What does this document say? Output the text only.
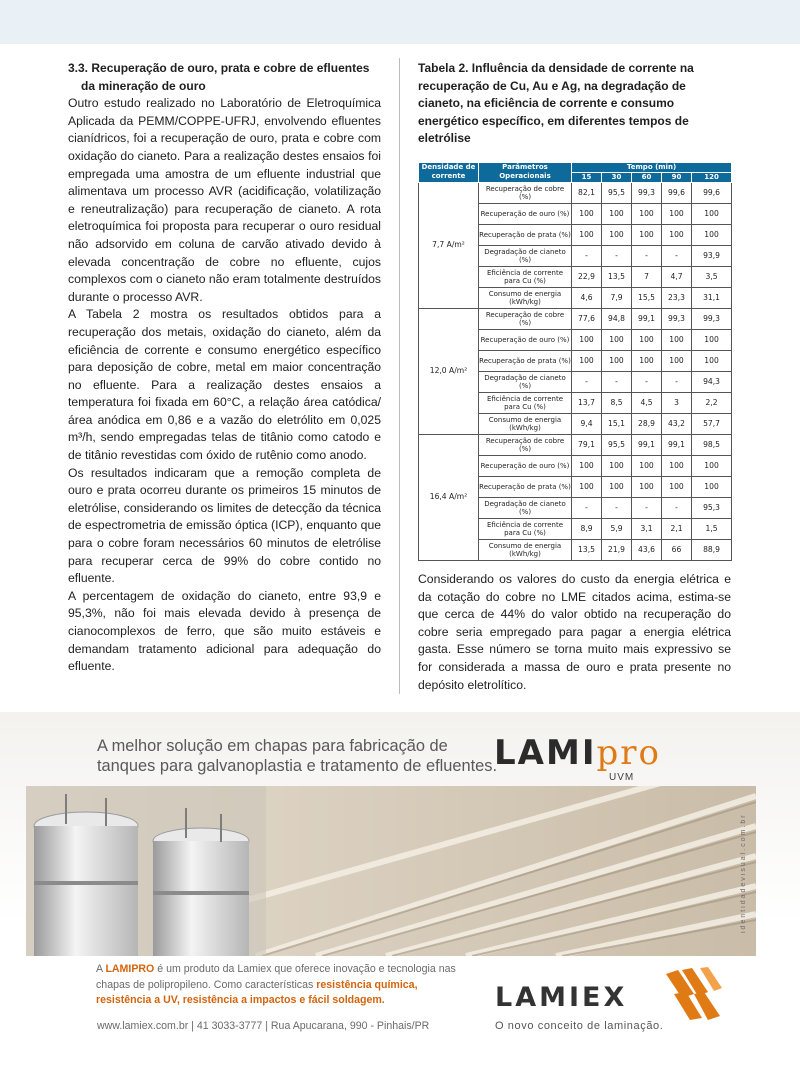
3.3. Recuperação de ouro, prata e cobre de efluentes
da mineração de ouro

Outro estudo realizado no Laboratório de Eletroquímica Aplicada da PEMM/COPPE-UFRJ, envolvendo efluentes cianídricos, foi a recuperação de ouro, prata e cobre com oxidação do cianeto. Para a realização destes ensaios foi empregada uma amostra de um efluente industrial que alimentava um processo AVR (acidificação, volatilização e reneutralização) para recuperação de cianeto. A rota eletroquímica foi proposta para recuperar o ouro residual não adsorvido em coluna de carvão ativado devido à elevada concentração de cobre no efluente, cujos complexos com o cianeto não eram totalmente destruídos durante o processo AVR.

A Tabela 2 mostra os resultados obtidos para a recuperação dos metais, oxidação do cianeto, além da eficiência de corrente e consumo energético específico para deposição de cobre, metal em maior concentração no efluente. Para a realização destes ensaios a temperatura foi fixada em 60°C, a relação área catódica/área anódica em 0,86 e a vazão do eletrólito em 0,025 m³/h, sendo empregadas telas de titânio como catodo e de titânio revestidas com óxido de rutênio como anodo.

Os resultados indicaram que a remoção completa de ouro e prata ocorreu durante os primeiros 15 minutos de eletrólise, considerando os limites de detecção da técnica de espectrometria de emissão óptica (ICP), enquanto que para o cobre foram necessários 60 minutos de eletrólise para recuperar cerca de 99% do cobre contido no efluente.

A percentagem de oxidação do cianeto, entre 93,9 e 95,3%, não foi mais elevada devido à presença de cianocomplexos de ferro, que são muito estáveis e demandam tratamento adicional para adequação do efluente.

Tabela 2. Influência da densidade de corrente na recuperação de Cu, Au e Ag, na degradação de cianeto, na eficiência de corrente e consumo energético específico, em diferentes tempos de eletrólise

Densidade de corrente	Parâmetros Operacionais	Tempo (min)				
		15	30	60	90	120
7,7 A/m²	Recuperação de cobre (%)	82,1	95,5	99,3	99,6	99,6
	Recuperação de ouro (%)	100	100	100	100	100
	Recuperação de prata (%)	100	100	100	100	100
	Degradação de cianeto (%)	-	-	-	-	93,9
	Eficiência de corrente para Cu (%)	22,9	13,5	7	4,7	3,5
	Consumo de energia (kWh/kg)	4,6	7,9	15,5	23,3	31,1
12,0 A/m²	Recuperação de cobre (%)	77,6	94,8	99,1	99,3	99,3
	Recuperação de ouro (%)	100	100	100	100	100
	Recuperação de prata (%)	100	100	100	100	100
	Degradação de cianeto (%)	-	-	-	-	94,3
	Eficiência de corrente para Cu (%)	13,7	8,5	4,5	3	2,2
	Consumo de energia (kWh/kg)	9,4	15,1	28,9	43,2	57,7
16,4 A/m²	Recuperação de cobre (%)	79,1	95,5	99,1	99,1	98,5
	Recuperação de ouro (%)	100	100	100	100	100
	Recuperação de prata (%)	100	100	100	100	100
	Degradação de cianeto (%)	-	-	-	-	95,3
	Eficiência de corrente para Cu (%)	8,9	5,9	3,1	2,1	1,5
	Consumo de energia (kWh/kg)	13,5	21,9	43,6	66	88,9

Considerando os valores do custo da energia elétrica e da cotação do cobre no LME citados acima, estima-se que cerca de 44% do valor obtido na recuperação do cobre seria empregado para pagar a energia elétrica gasta. Esse número se torna muito mais expressivo se for considerada a massa de ouro e prata presente no depósito eletrolítico.

A melhor solução em chapas para fabricação de
tanques para galvanoplastia e tratamento de efluentes.
LAMIpro
UVM
identidadevisual.com.br
A LAMIPRO é um produto da Lamiex que oferece inovação e tecnologia nas chapas de polipropileno. Como características resistência química, resistência a UV, resistência a impactos e fácil soldagem.	LAMIEX
O novo conceito de laminação.
www.lamiex.com.br | 41 3033-3777 | Rua Apucarana, 990 - Pinhais/PR
